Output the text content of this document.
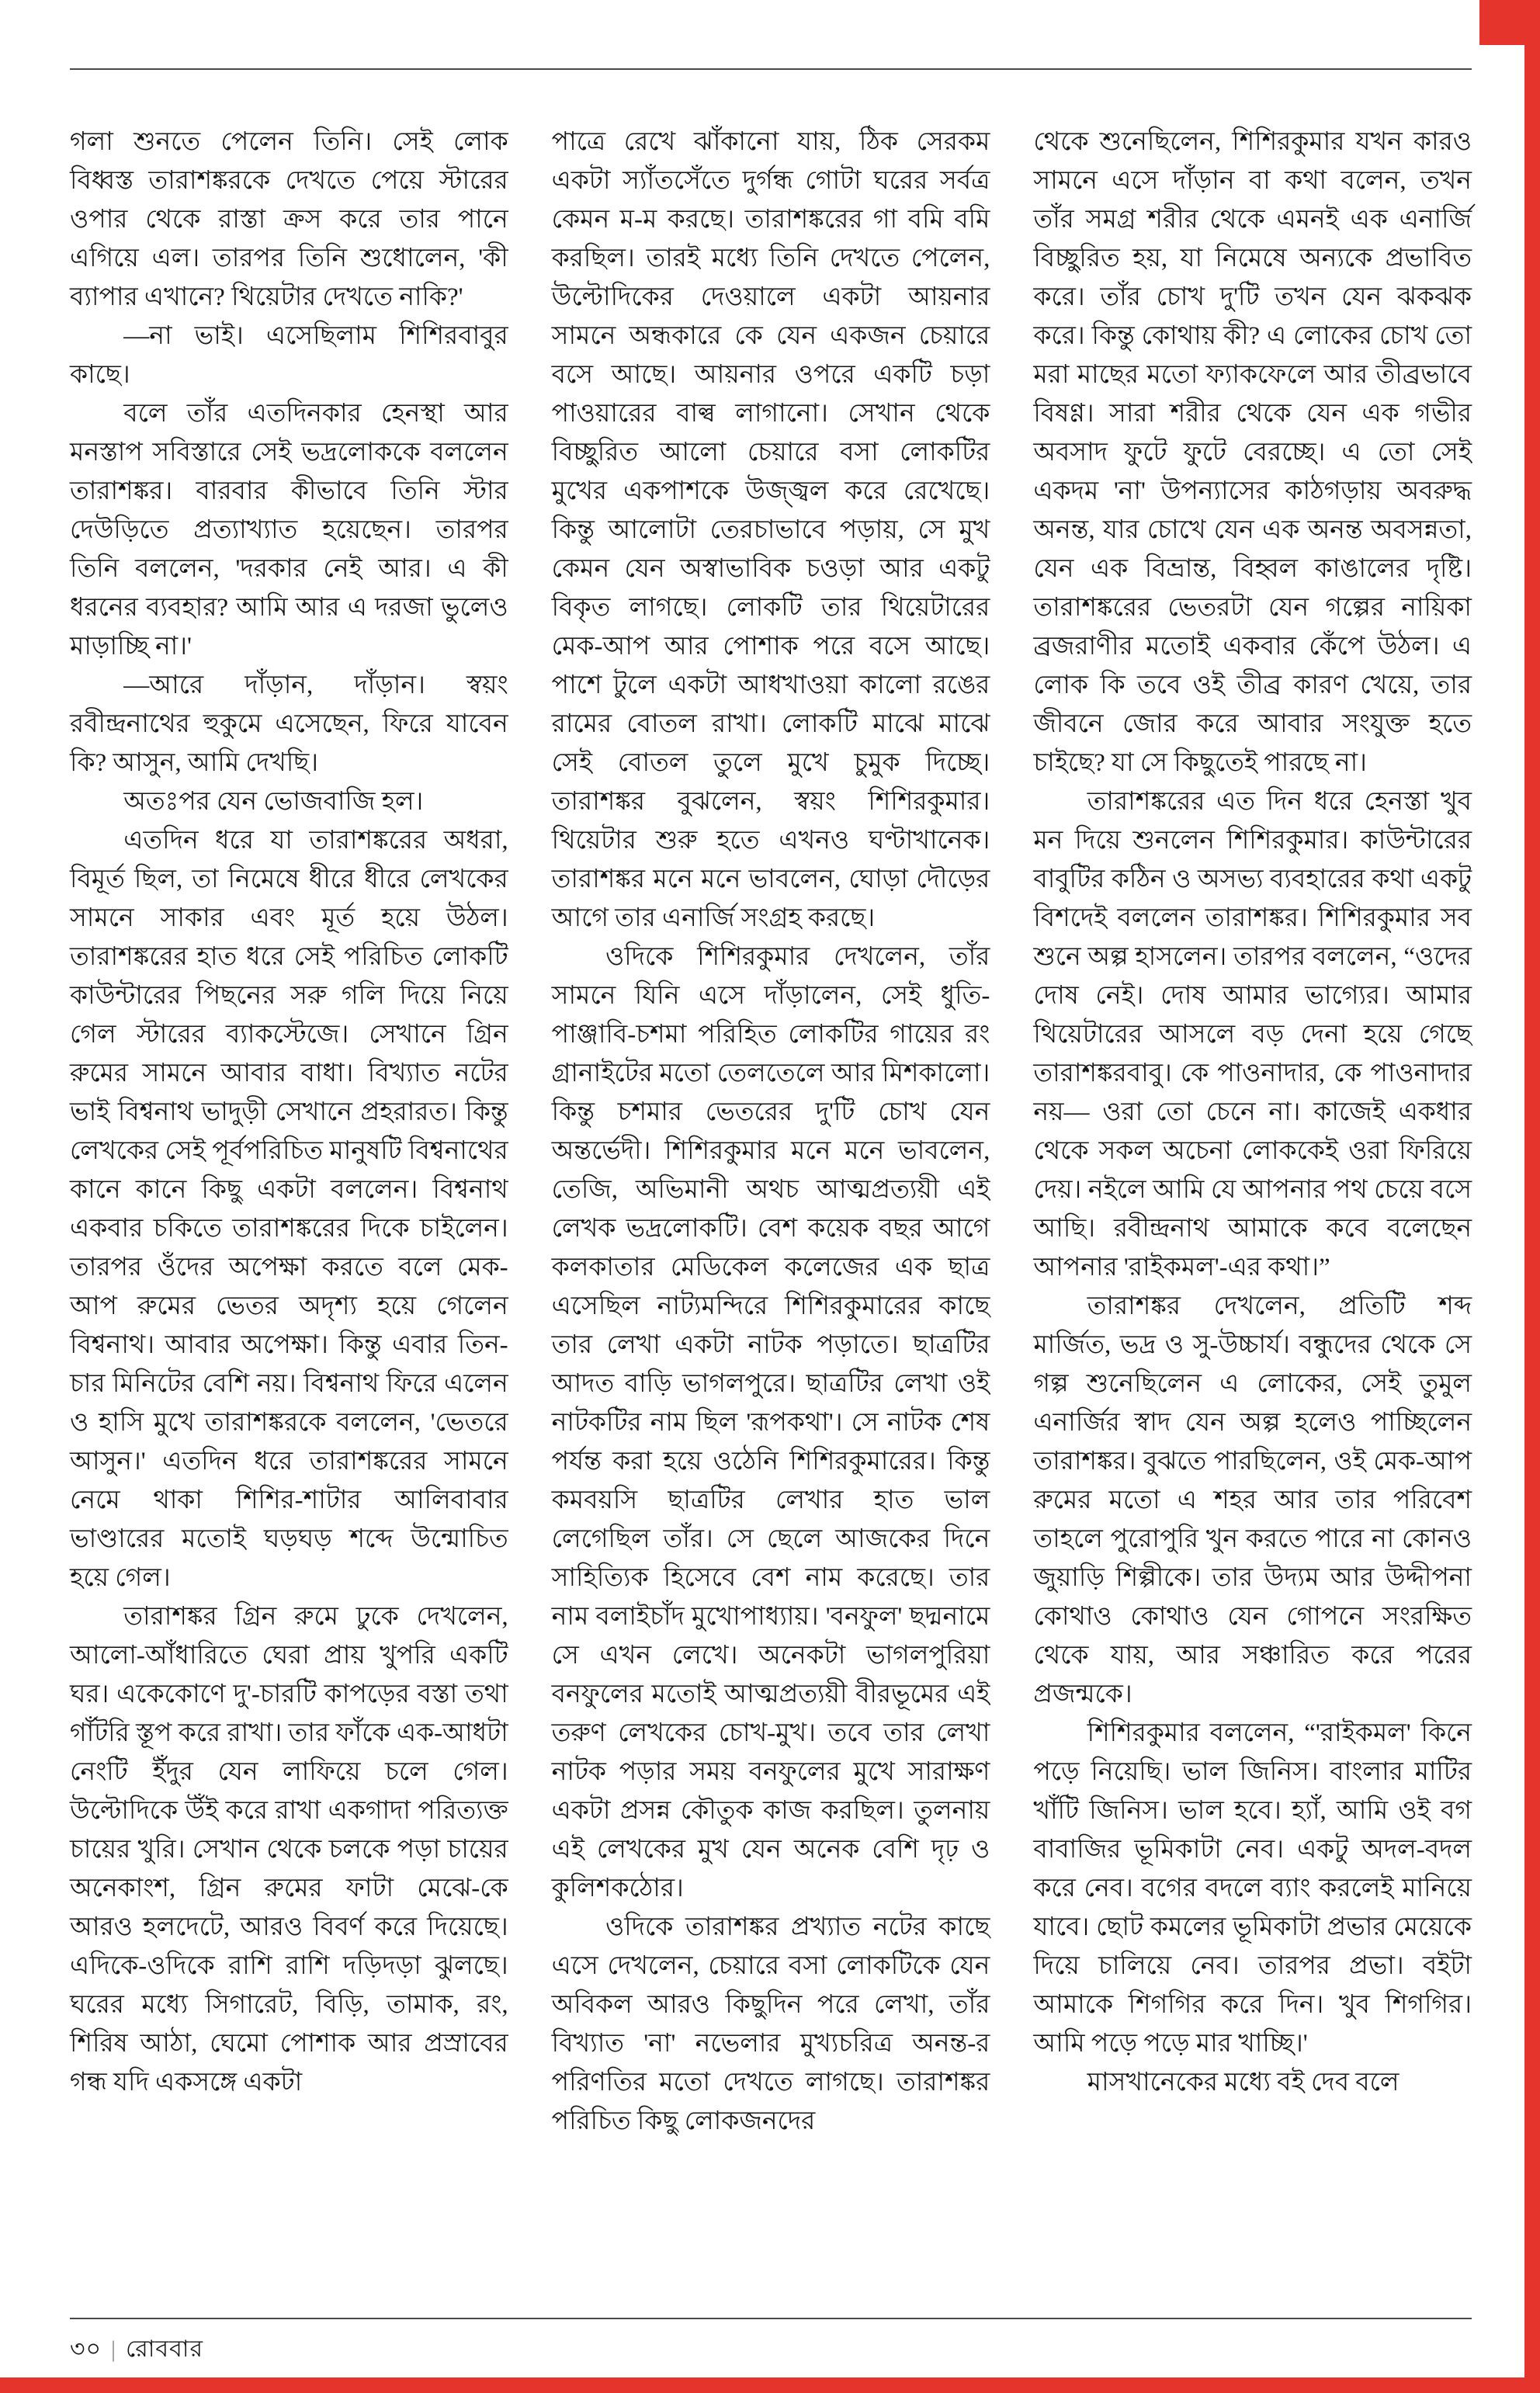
গলা শুনতে পেলেন তিনি। সেই লোক বিধ্বস্ত তারাশঙ্করকে দেখতে পেয়ে স্টারের ওপার থেকে রাস্তা ক্রস করে তার পানে এগিয়ে এল। তারপর তিনি শুধোলেন, 'কী ব্যাপার এখানে? থিয়েটার দেখতে নাকি?'

—না ভাই। এসেছিলাম শিশিরবাবুর কাছে।

বলে তাঁর এতদিনকার হেনস্থা আর মনস্তাপ সবিস্তারে সেই ভদ্রলোককে বললেন তারাশঙ্কর। বারবার কীভাবে তিনি স্টার দেউড়িতে প্রত্যাখ্যাত হয়েছেন। তারপর তিনি বললেন, 'দরকার নেই আর। এ কী ধরনের ব্যবহার? আমি আর এ দরজা ভুলেও মাড়াচ্ছি না।'

—আরে দাঁড়ান, দাঁড়ান। স্বয়ং রবীন্দ্রনাথের হুকুমে এসেছেন, ফিরে যাবেন কি? আসুন, আমি দেখছি।

অতঃপর যেন ভোজবাজি হল।

এতদিন ধরে যা তারাশঙ্করের অধরা, বিমূর্ত ছিল, তা নিমেষে ধীরে ধীরে লেখকের সামনে সাকার এবং মূর্ত হয়ে উঠল। তারাশঙ্করের হাত ধরে সেই পরিচিত লোকটি কাউন্টারের পিছনের সরু গলি দিয়ে নিয়ে গেল স্টারের ব্যাকস্টেজে। সেখানে গ্রিন রুমের সামনে আবার বাধা। বিখ্যাত নটের ভাই বিশ্বনাথ ভাদুড়ী সেখানে প্রহরারত। কিন্তু লেখকের সেই পূর্বপরিচিত মানুষটি বিশ্বনাথের কানে কানে কিছু একটা বললেন। বিশ্বনাথ একবার চকিতে তারাশঙ্করের দিকে চাইলেন। তারপর ওঁদের অপেক্ষা করতে বলে মেক-আপ রুমের ভেতর অদৃশ্য হয়ে গেলেন বিশ্বনাথ। আবার অপেক্ষা। কিন্তু এবার তিন-চার মিনিটের বেশি নয়। বিশ্বনাথ ফিরে এলেন ও হাসি মুখে তারাশঙ্করকে বললেন, 'ভেতরে আসুন।' এতদিন ধরে তারাশঙ্করের সামনে নেমে থাকা শিশির-শাটার আলিবাবার ভাণ্ডারের মতোই ঘড়ঘড় শব্দে উন্মোচিত হয়ে গেল।

তারাশঙ্কর গ্রিন রুমে ঢুকে দেখলেন, আলো-আঁধারিতে ঘেরা প্রায় খুপরি একটি ঘর। একেকোণে দু'-চারটি কাপড়ের বস্তা তথা গাঁটরি স্তূপ করে রাখা। তার ফাঁকে এক-আধটা নেংটি ইঁদুর যেন লাফিয়ে চলে গেল। উল্টোদিকে উঁই করে রাখা একগাদা পরিত্যক্ত চায়ের খুরি। সেখান থেকে চলকে পড়া চায়ের অনেকাংশ, গ্রিন রুমের ফাটা মেঝে-কে আরও হলদেটে, আরও বিবর্ণ করে দিয়েছে। এদিকে-ওদিকে রাশি রাশি দড়িদড়া ঝুলছে। ঘরের মধ্যে সিগারেট, বিড়ি, তামাক, রং, শিরিষ আঠা, ঘেমো পোশাক আর প্রস্রাবের গন্ধ যদি একসঙ্গে একটা

পাত্রে রেখে ঝাঁকানো যায়, ঠিক সেরকম একটা স্যাঁতসেঁতে দুর্গন্ধ গোটা ঘরের সর্বত্র কেমন ম-ম করছে। তারাশঙ্করের গা বমি বমি করছিল। তারই মধ্যে তিনি দেখতে পেলেন, উল্টোদিকের দেওয়ালে একটা আয়নার সামনে অন্ধকারে কে যেন একজন চেয়ারে বসে আছে। আয়নার ওপরে একটি চড়া পাওয়ারের বাল্ব লাগানো। সেখান থেকে বিচ্ছুরিত আলো চেয়ারে বসা লোকটির মুখের একপাশকে উজ্জ্বল করে রেখেছে। কিন্তু আলোটা তেরচাভাবে পড়ায়, সে মুখ কেমন যেন অস্বাভাবিক চওড়া আর একটু বিকৃত লাগছে। লোকটি তার থিয়েটারের মেক-আপ আর পোশাক পরে বসে আছে। পাশে টুলে একটা আধখাওয়া কালো রঙের রামের বোতল রাখা। লোকটি মাঝে মাঝে সেই বোতল তুলে মুখে চুমুক দিচ্ছে। তারাশঙ্কর বুঝলেন, স্বয়ং শিশিরকুমার। থিয়েটার শুরু হতে এখনও ঘণ্টাখানেক। তারাশঙ্কর মনে মনে ভাবলেন, ঘোড়া দৌড়ের আগে তার এনার্জি সংগ্রহ করছে।

ওদিকে শিশিরকুমার দেখলেন, তাঁর সামনে যিনি এসে দাঁড়ালেন, সেই ধুতি-পাঞ্জাবি-চশমা পরিহিত লোকটির গায়ের রং গ্রানাইটের মতো তেলতেলে আর মিশকালো। কিন্তু চশমার ভেতরের দু'টি চোখ যেন অন্তর্ভেদী। শিশিরকুমার মনে মনে ভাবলেন, তেজি, অভিমানী অথচ আত্মপ্রত্যয়ী এই লেখক ভদ্রলোকটি। বেশ কয়েক বছর আগে কলকাতার মেডিকেল কলেজের এক ছাত্র এসেছিল নাট্যমন্দিরে শিশিরকুমারের কাছে তার লেখা একটা নাটক পড়াতে। ছাত্রটির আদত বাড়ি ভাগলপুরে। ছাত্রটির লেখা ওই নাটকটির নাম ছিল 'রূপকথা'। সে নাটক শেষ পর্যন্ত করা হয়ে ওঠেনি শিশিরকুমারের। কিন্তু কমবয়সি ছাত্রটির লেখার হাত ভাল লেগেছিল তাঁর। সে ছেলে আজকের দিনে সাহিত্যিক হিসেবে বেশ নাম করেছে। তার নাম বলাইচাঁদ মুখোপাধ্যায়। 'বনফুল' ছদ্মনামে সে এখন লেখে। অনেকটা ভাগলপুরিয়া বনফুলের মতোই আত্মপ্রত্যয়ী বীরভূমের এই তরুণ লেখকের চোখ-মুখ। তবে তার লেখা নাটক পড়ার সময় বনফুলের মুখে সারাক্ষণ একটা প্রসন্ন কৌতুক কাজ করছিল। তুলনায় এই লেখকের মুখ যেন অনেক বেশি দৃঢ় ও কুলিশকঠোর।

ওদিকে তারাশঙ্কর প্রখ্যাত নটের কাছে এসে দেখলেন, চেয়ারে বসা লোকটিকে যেন অবিকল আরও কিছুদিন পরে লেখা, তাঁর বিখ্যাত 'না' নভেলার মুখ্যচরিত্র অনন্ত-র পরিণতির মতো দেখতে লাগছে। তারাশঙ্কর পরিচিত কিছু লোকজনদের

থেকে শুনেছিলেন, শিশিরকুমার যখন কারও সামনে এসে দাঁড়ান বা কথা বলেন, তখন তাঁর সমগ্র শরীর থেকে এমনই এক এনার্জি বিচ্ছুরিত হয়, যা নিমেষে অন্যকে প্রভাবিত করে। তাঁর চোখ দু'টি তখন যেন ঝকঝক করে। কিন্তু কোথায় কী? এ লোকের চোখ তো মরা মাছের মতো ফ্যাকফেলে আর তীব্রভাবে বিষণ্ণ। সারা শরীর থেকে যেন এক গভীর অবসাদ ফুটে ফুটে বেরচ্ছে। এ তো সেই একদম 'না' উপন্যাসের কাঠগড়ায় অবরুদ্ধ অনন্ত, যার চোখে যেন এক অনন্ত অবসন্নতা, যেন এক বিভ্রান্ত, বিহ্বল কাঙালের দৃষ্টি। তারাশঙ্করের ভেতরটা যেন গল্পের নায়িকা ব্রজরাণীর মতোই একবার কেঁপে উঠল। এ লোক কি তবে ওই তীব্র কারণ খেয়ে, তার জীবনে জোর করে আবার সংযুক্ত হতে চাইছে? যা সে কিছুতেই পারছে না।

তারাশঙ্করের এত দিন ধরে হেনস্তা খুব মন দিয়ে শুনলেন শিশিরকুমার। কাউন্টারের বাবুটির কঠিন ও অসভ্য ব্যবহারের কথা একটু বিশদেই বললেন তারাশঙ্কর। শিশিরকুমার সব শুনে অল্প হাসলেন। তারপর বললেন, “ওদের দোষ নেই। দোষ আমার ভাগ্যের। আমার থিয়েটারের আসলে বড় দেনা হয়ে গেছে তারাশঙ্করবাবু। কে পাওনাদার, কে পাওনাদার নয়— ওরা তো চেনে না। কাজেই একধার থেকে সকল অচেনা লোককেই ওরা ফিরিয়ে দেয়। নইলে আমি যে আপনার পথ চেয়ে বসে আছি। রবীন্দ্রনাথ আমাকে কবে বলেছেন আপনার 'রাইকমল'-এর কথা।”

তারাশঙ্কর দেখলেন, প্রতিটি শব্দ মার্জিত, ভদ্র ও সু-উচ্চার্য। বন্ধুদের থেকে সে গল্প শুনেছিলেন এ লোকের, সেই তুমুল এনার্জির স্বাদ যেন অল্প হলেও পাচ্ছিলেন তারাশঙ্কর। বুঝতে পারছিলেন, ওই মেক-আপ রুমের মতো এ শহর আর তার পরিবেশ তাহলে পুরোপুরি খুন করতে পারে না কোনও জুয়াড়ি শিল্পীকে। তার উদ্যম আর উদ্দীপনা কোথাও কোথাও যেন গোপনে সংরক্ষিত থেকে যায়, আর সঞ্চারিত করে পরের প্রজন্মকে।

শিশিরকুমার বললেন, “'রাইকমল' কিনে পড়ে নিয়েছি। ভাল জিনিস। বাংলার মাটির খাঁটি জিনিস। ভাল হবে। হ্যাঁ, আমি ওই বগ বাবাজির ভূমিকাটা নেব। একটু অদল-বদল করে নেব। বগের বদলে ব্যাং করলেই মানিয়ে যাবে। ছোট কমলের ভূমিকাটা প্রভার মেয়েকে দিয়ে চালিয়ে নেব। তারপর প্রভা। বইটা আমাকে শিগগির করে দিন। খুব শিগগির। আমি পড়ে পড়ে মার খাচ্ছি।'

মাসখানেকের মধ্যে বই দেব বলে

৩০ | রোববার
